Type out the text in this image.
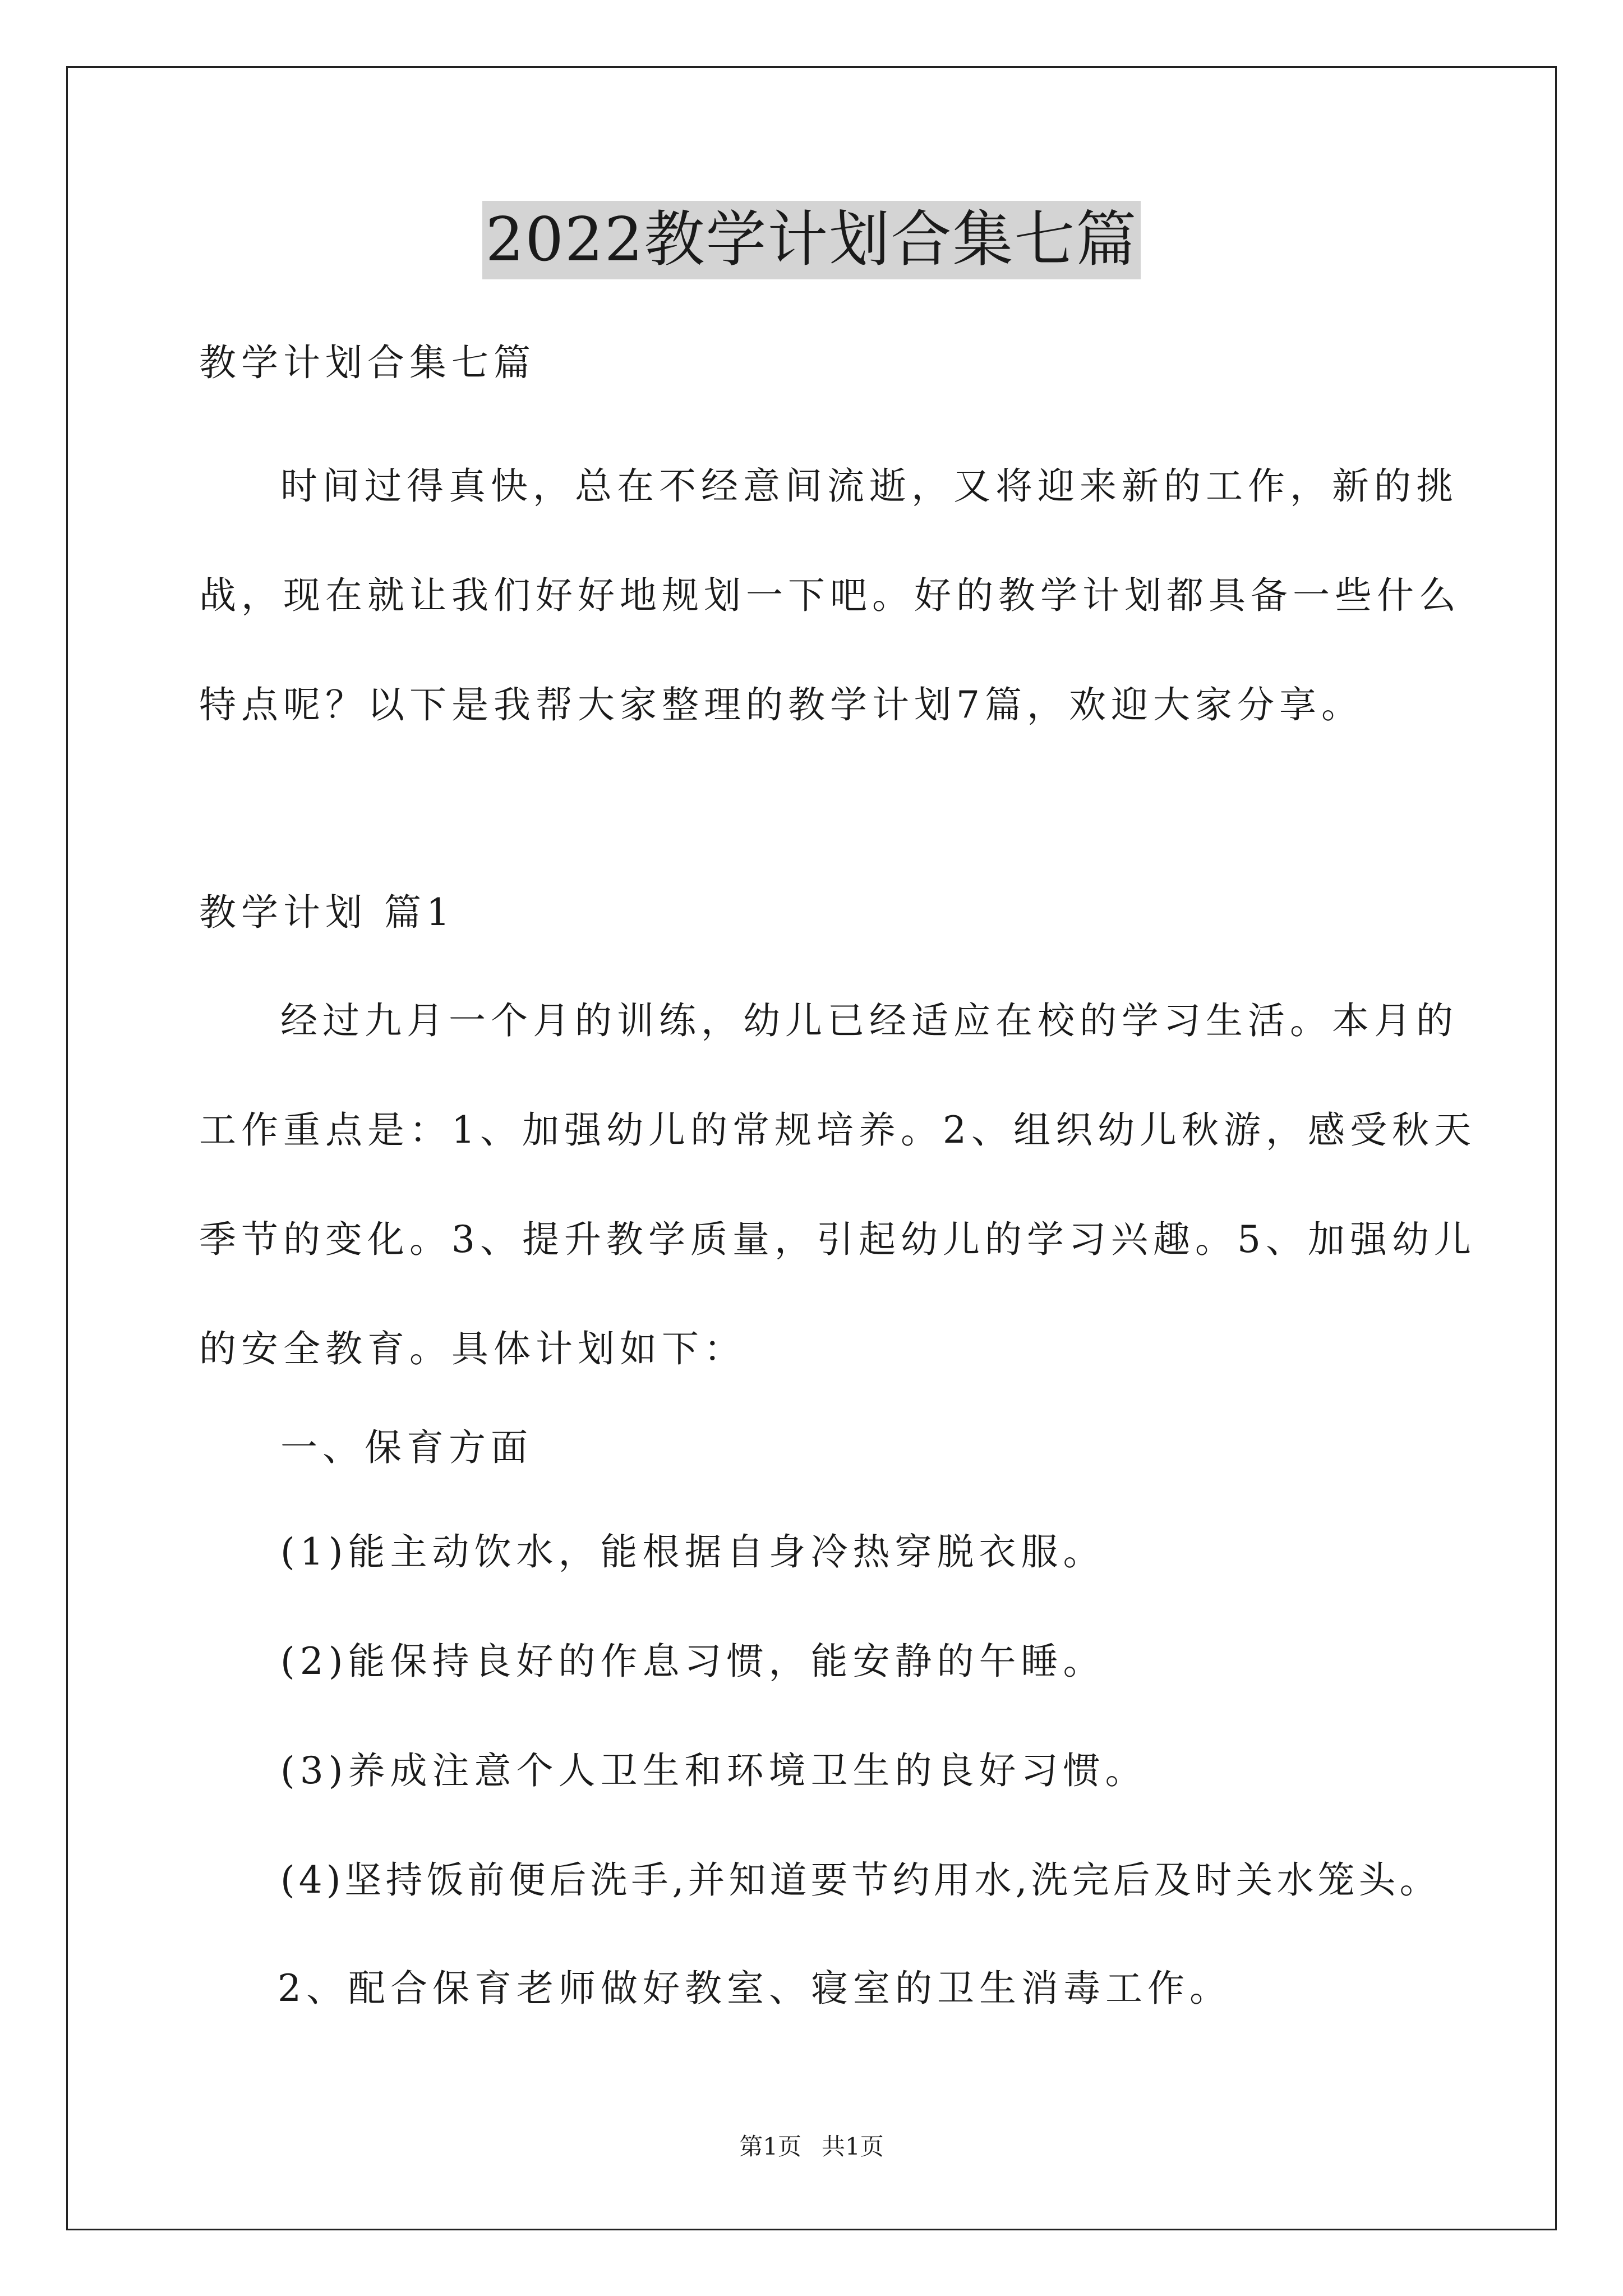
2022教学计划合集七篇
教学计划合集七篇
时间过得真快，总在不经意间流逝，又将迎来新的工作，新的挑
战，现在就让我们好好地规划一下吧。好的教学计划都具备一些什么
特点呢？以下是我帮大家整理的教学计划7篇，欢迎大家分享。
教学计划 篇1
经过九月一个月的训练，幼儿已经适应在校的学习生活。本月的
工作重点是：1、加强幼儿的常规培养。2、组织幼儿秋游，感受秋天
季节的变化。3、提升教学质量，引起幼儿的学习兴趣。5、加强幼儿
的安全教育。具体计划如下：
一、保育方面
(1)能主动饮水，能根据自身冷热穿脱衣服。
(2)能保持良好的作息习惯，能安静的午睡。
(3)养成注意个人卫生和环境卫生的良好习惯。
(4)坚持饭前便后洗手,并知道要节约用水,洗完后及时关水笼头。
2、配合保育老师做好教室、寝室的卫生消毒工作。
第1页 共1页
